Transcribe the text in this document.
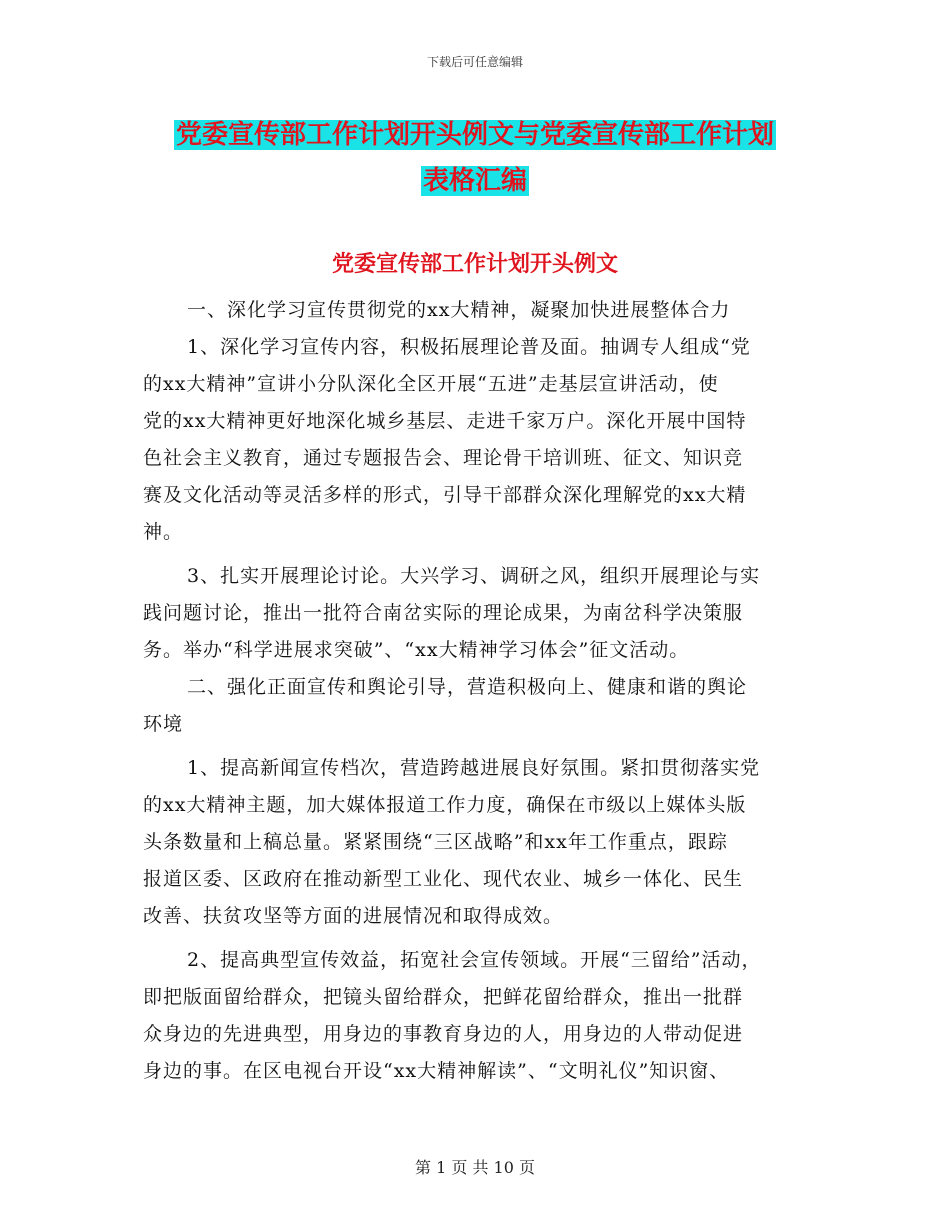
下载后可任意编辑
党委宣传部工作计划开头例文与党委宣传部工作计划
表格汇编
党委宣传部工作计划开头例文

一、深化学习宣传贯彻党的xx大精神，凝聚加快进展整体合力

1、深化学习宣传内容，积极拓展理论普及面。抽调专人组成“党
的xx大精神”宣讲小分队深化全区开展“五进”走基层宣讲活动，使
党的xx大精神更好地深化城乡基层、走进千家万户。深化开展中国特
色社会主义教育，通过专题报告会、理论骨干培训班、征文、知识竞
赛及文化活动等灵活多样的形式，引导干部群众深化理解党的xx大精
神。

3、扎实开展理论讨论。大兴学习、调研之风，组织开展理论与实
践问题讨论，推出一批符合南岔实际的理论成果，为南岔科学决策服
务。举办“科学进展求突破”、“xx大精神学习体会”征文活动。

二、强化正面宣传和舆论引导，营造积极向上、健康和谐的舆论
环境

1、提高新闻宣传档次，营造跨越进展良好氛围。紧扣贯彻落实党
的xx大精神主题，加大媒体报道工作力度，确保在市级以上媒体头版
头条数量和上稿总量。紧紧围绕“三区战略”和xx年工作重点，跟踪
报道区委、区政府在推动新型工业化、现代农业、城乡一体化、民生
改善、扶贫攻坚等方面的进展情况和取得成效。

2、提高典型宣传效益，拓宽社会宣传领域。开展“三留给”活动，
即把版面留给群众，把镜头留给群众，把鲜花留给群众，推出一批群
众身边的先进典型，用身边的事教育身边的人，用身边的人带动促进
身边的事。在区电视台开设“xx大精神解读”、“文明礼仪”知识窗、

第 1 页 共 10 页
